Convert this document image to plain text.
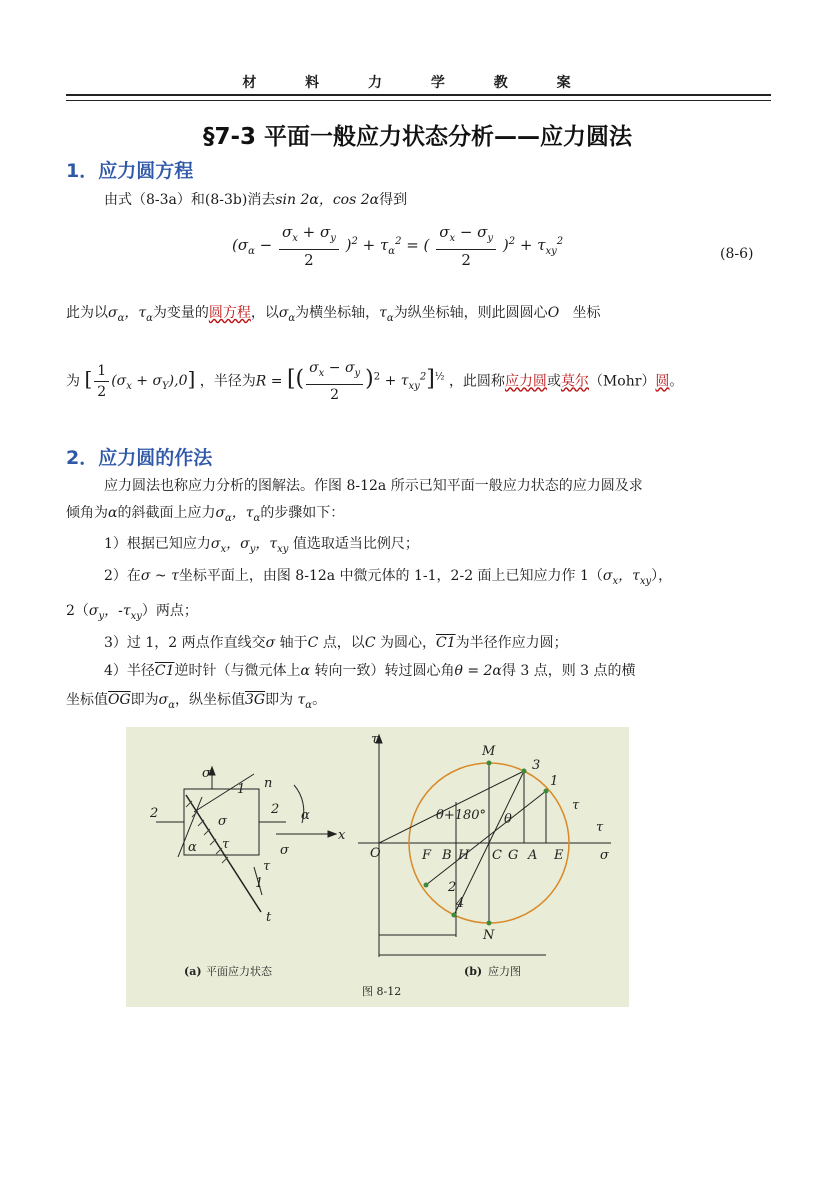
材 料 力 学 教 案
§7-3 平面一般应力状态分析——应力圆法
1．应力圆方程
由式（8-3a）和(8-3b)消去sin 2α，cos 2α得到
$(\sigma_\alpha - \frac{\sigma_x + \sigma_y}{2} )^2 + \tau_\alpha^2$ = ( $\frac{\sigma_x - \sigma_y}{2} )^2 + \tau_{xy}^2$
(8-6)
此为以$\sigma_\alpha$，$\tau_\alpha$为变量的圆方程，以$\sigma_\alpha$为横坐标轴，$\tau_\alpha$为纵坐标轴，则此圆圆心O 坐标
为 [ $\frac{1}{2} (\sigma_x + \sigma_Y),0$] ，半径为R = [( $\frac{\sigma_x - \sigma_y}{2} )^2 + \tau_{xy}^2]^{\frac{1}{2}}$ ，此圆称应力圆或莫尔（Mohr）圆。
2．应力圆的作法
应力圆法也称应力分析的图解法。作图 8-12a 所示已知平面一般应力状态的应力圆及求
倾角为α的斜截面上应力$\sigma_\alpha$，$\tau_\alpha$的步骤如下：
1）根据已知应力$\sigma_x$，$\sigma_y$，$\tau_{xy}$ 值选取适当比例尺；
2）在σ ~ τ坐标平面上，由图 8-12a 中微元体的 1-1，2-2 面上已知应力作 $1(\sigma_x$，$\tau_{xy}$），
$2(\sigma_y$，$-\tau_{xy}$）两点；
3）过 1，2 两点作直线交σ 轴于C 点，以C 为圆心，C1为半径作应力圆；
4）半径C1逆时针（与微元体上α 转向一致）转过圆心角θ = 2α得 3 点，则 3 点的横
坐标值$\overline{OG}$即为$\sigma_\alpha$，纵坐标值3G即为 $\tau_\alpha$。
σ
1
2
n
α
x
σ
τ	σ
2
α
τ
1
t
τ
M
3
1
O	F B H C G A E	σ
N
2
4
θ+180° θ
τ
τ
(a) 平面应力状态	(b) 应力图
图 8-12
